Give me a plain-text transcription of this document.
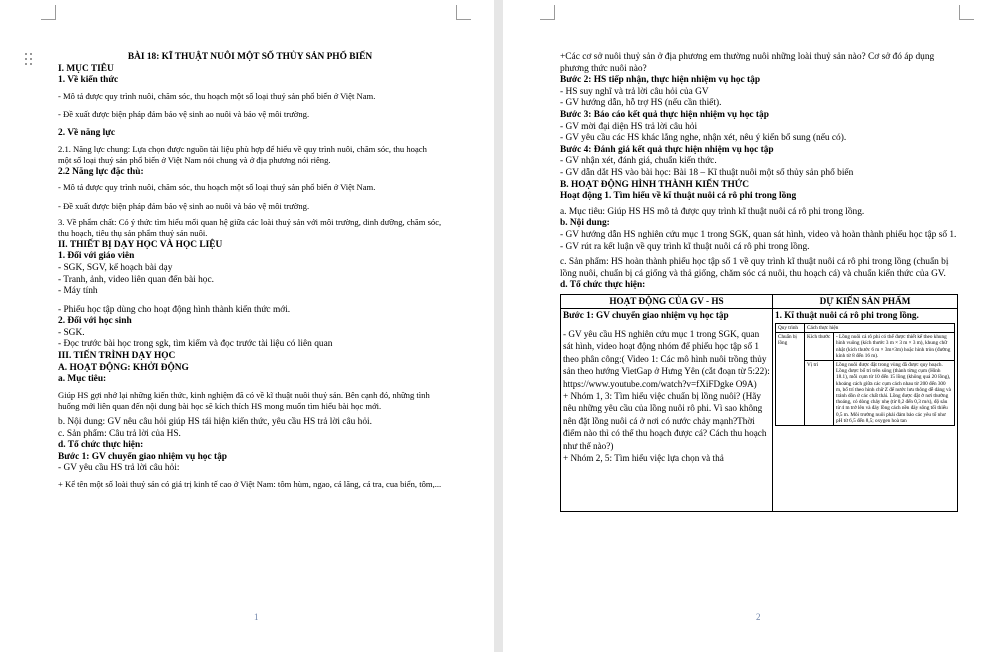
BÀI 18: KĨ THUẬT NUÔI MỘT SỐ THỦY SẢN PHỔ BIẾN

I. MỤC TIÊU

1. Về kiến thức

- Mô tả được quy trình nuôi, chăm sóc, thu hoạch một số loại thuỷ sản phổ biến ở Việt Nam.

- Đề xuất được biện pháp đảm bảo vệ sinh ao nuôi và bảo vệ môi trường.

2. Về năng lực

2.1. Năng lực chung: Lựa chọn được nguồn tài liệu phù hợp để hiểu về quy trình nuôi, chăm sóc, thu hoạch một số loại thuỷ sản phổ biến ở Việt Nam nói chung và ở địa phương nói riêng.

2.2 Năng lực đặc thù:

- Mô tả được quy trình nuôi, chăm sóc, thu hoạch một số loại thuỷ sản phổ biến ở Việt Nam.

- Đề xuất được biện pháp đảm bảo vệ sinh ao nuôi và bảo vệ môi trường.

3. Về phẩm chất: Có ý thức tìm hiểu mối quan hệ giữa các loài thuỷ sản với môi trường, dinh dưỡng, chăm sóc, thu hoạch, tiêu thụ sản phẩm thuỷ sản nuôi.

II. THIẾT BỊ DẠY HỌC VÀ HỌC LIỆU

1. Đối với giáo viên

- SGK, SGV, kế hoạch bài dạy

- Tranh, ảnh, video liên quan đến bài học.

- Máy tính

- Phiếu học tập dùng cho hoạt động hình thành kiến thức mới.

2. Đối với học sinh

- SGK.

- Đọc trước bài học trong sgk, tìm kiếm và đọc trước tài liệu có liên quan

III. TIẾN TRÌNH DẠY HỌC

A. HOẠT ĐỘNG: KHỞI ĐỘNG

a. Mục tiêu:

Giúp HS gợi nhớ lại những kiến thức, kinh nghiệm đã có về kĩ thuật nuôi thuỷ sản. Bên cạnh đó, những tình huống mới liên quan đến nội dung bài học sẽ kích thích HS mong muốn tìm hiểu bài học mới.

b. Nội dung: GV nêu câu hỏi giúp HS tái hiện kiến thức, yêu cầu HS trả lời câu hỏi.

c. Sản phẩm: Câu trả lời của HS.

d. Tổ chức thực hiện:

Bước 1: GV chuyển giao nhiệm vụ học tập

- GV yêu cầu HS trả lời câu hỏi:

+ Kể tên một số loài thuỷ sản có giá trị kinh tế cao ở Việt Nam: tôm hùm, ngao, cá lăng, cá tra, cua biển, tôm,...

1

+Các cơ sở nuôi thuỷ sản ở địa phương em thường nuôi những loài thuỷ sản nào? Cơ sở đó áp dụng phương thức nuôi nào?

Bước 2: HS tiếp nhận, thực hiện nhiệm vụ học tập

- HS suy nghĩ và trả lời câu hỏi của GV

- GV hướng dẫn, hỗ trợ HS (nếu cần thiết).

Bước 3: Báo cáo kết quả thực hiện nhiệm vụ học tập

- GV mời đại diện HS trả lời câu hỏi

- GV yêu cầu các HS khác lắng nghe, nhận xét, nêu ý kiến bổ sung (nếu có).

Bước 4: Đánh giá kết quả thực hiện nhiệm vụ học tập

- GV nhận xét, đánh giá, chuẩn kiến thức.

- GV dẫn dắt HS vào bài học: Bài 18 – Kĩ thuật nuôi một số thủy sản phổ biến

B. HOẠT ĐỘNG HÌNH THÀNH KIẾN THỨC

Hoạt động 1. Tìm hiểu về kĩ thuật nuôi cá rô phi trong lồng

a. Mục tiêu: Giúp HS HS mô tả được quy trình kĩ thuật nuôi cá rô phi trong lồng.

b. Nội dung:

- GV hướng dẫn HS nghiên cứu mục 1 trong SGK, quan sát hình, video và hoàn thành phiếu học tập số 1.

- GV rút ra kết luận về quy trình kĩ thuật nuôi cá rô phi trong lồng.

c. Sản phẩm: HS hoàn thành phiếu học tập số 1 về quy trình kĩ thuật nuôi cá rô phi trong lồng (chuẩn bị lồng nuôi, chuẩn bị cá giống và thả giống, chăm sóc cá nuôi, thu hoạch cá) và chuẩn kiến thức của GV.

d. Tổ chức thực hiện:

HOẠT ĐỘNG CỦA GV - HS	DỰ KIẾN SẢN PHẨM

Bước 1: GV chuyển giao nhiệm vụ học tập

- GV yêu cầu HS nghiên cứu mục 1 trong SGK, quan sát hình, video hoạt động nhóm để phiếu học tập số 1 theo phân công:( Video 1: Các mô hình nuôi trồng thủy sản theo hướng VietGap ở Hưng Yên (cắt đoạn từ 5:22): https://www.youtube.com/watch?v=fXiFDgke O9A)

+ Nhóm 1, 3: Tìm hiểu việc chuẩn bị lồng nuôi? (Hãy nêu những yêu cầu của lồng nuôi rô phi. Vì sao không nên đặt lồng nuôi cá ở nơi có nước chảy mạnh?Thời điểm nào thì có thể thu hoạch được cá? Cách thu hoạch như thế nào?)

+ Nhóm 2, 5: Tìm hiểu việc lựa chọn và thả

1. Kĩ thuật nuôi cá rô phi trong lồng.

Quy trình	Cách thực hiện
Chuẩn bị lồng	Kích thước	- Lồng nuôi cá rô phi có thể được thiết kế theo khung hình vuông (kích thước 3 m × 3 m × 3 m), khung chữ nhật (kích thước 6 m × 3m×3m) hoặc hình tròn (đường kính từ 8 đến 16 m).
Vị trí	Lồng nuôi được đặt trong vùng đã được quy hoạch. Lồng được bố trí trên sông (thành từng cụm (Hình 18.1), mỗi cụm từ 10 đến 15 lồng (không quá 20 lồng), khoảng cách giữa các cụm cách nhau từ 200 đến 300 m, bố trí theo hình chữ Z để nước lưu thông dễ dàng và tránh dồn ứ các chất thải. Lồng được đặt ở nơi thường thoáng, có dòng chảy nhẹ (từ 0,2 đến 0,3 m/s), độ sâu từ 4 m trở lên và đáy lồng cách nền đáy sông tối thiểu 0,5 m. Môi trường nuôi phải đảm bảo các yêu tố như pH từ 6,5 đến 8,5; oxygen hoà tan
2
